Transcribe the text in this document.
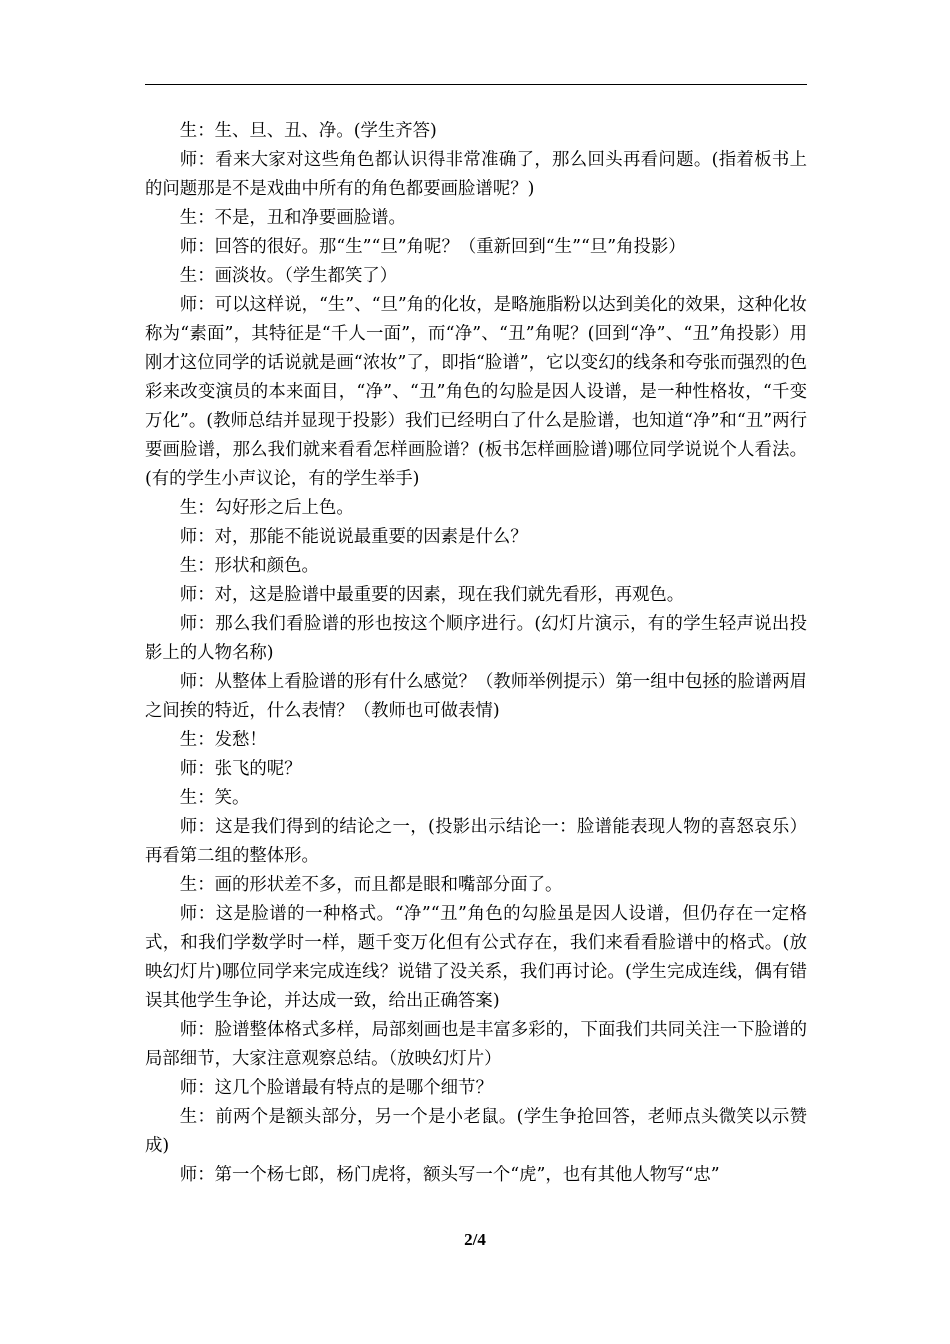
生：生、旦、丑、净。(学生齐答)

师：看来大家对这些角色都认识得非常准确了，那么回头再看问题。(指着板书上的问题那是不是戏曲中所有的角色都要画脸谱呢？)

生：不是，丑和净要画脸谱。

师：回答的很好。那“生”“旦”角呢？（重新回到“生”“旦”角投影）

生：画淡妆。（学生都笑了）

师：可以这样说，“生”、“旦”角的化妆，是略施脂粉以达到美化的效果，这种化妆称为“素面”，其特征是“千人一面”，而“净”、“丑”角呢？(回到“净”、“丑”角投影）用刚才这位同学的话说就是画“浓妆”了，即指“脸谱”，它以变幻的线条和夸张而强烈的色彩来改变演员的本来面目，“净”、“丑”角色的勾脸是因人设谱，是一种性格妆，“千变万化”。(教师总结并显现于投影）我们已经明白了什么是脸谱，也知道“净”和“丑”两行要画脸谱，那么我们就来看看怎样画脸谱？(板书怎样画脸谱)哪位同学说说个人看法。(有的学生小声议论，有的学生举手)

生：勾好形之后上色。

师：对，那能不能说说最重要的因素是什么？

生：形状和颜色。

师：对，这是脸谱中最重要的因素，现在我们就先看形，再观色。

师：那么我们看脸谱的形也按这个顺序进行。(幻灯片演示，有的学生轻声说出投影上的人物名称)

师：从整体上看脸谱的形有什么感觉？（教师举例提示）第一组中包拯的脸谱两眉之间挨的特近，什么表情？（教师也可做表情)

生：发愁！

师：张飞的呢？

生：笑。

师：这是我们得到的结论之一，(投影出示结论一：脸谱能表现人物的喜怒哀乐）再看第二组的整体形。

生：画的形状差不多，而且都是眼和嘴部分面了。

师：这是脸谱的一种格式。“净”“丑”角色的勾脸虽是因人设谱，但仍存在一定格式，和我们学数学时一样，题千变万化但有公式存在，我们来看看脸谱中的格式。(放映幻灯片)哪位同学来完成连线？说错了没关系，我们再讨论。(学生完成连线，偶有错误其他学生争论，并达成一致，给出正确答案)

师：脸谱整体格式多样，局部刻画也是丰富多彩的，下面我们共同关注一下脸谱的局部细节，大家注意观察总结。（放映幻灯片）

师：这几个脸谱最有特点的是哪个细节？

生：前两个是额头部分，另一个是小老鼠。(学生争抢回答，老师点头微笑以示赞成)

师：第一个杨七郎，杨门虎将，额头写一个“虎”，也有其他人物写“忠”

2/4
